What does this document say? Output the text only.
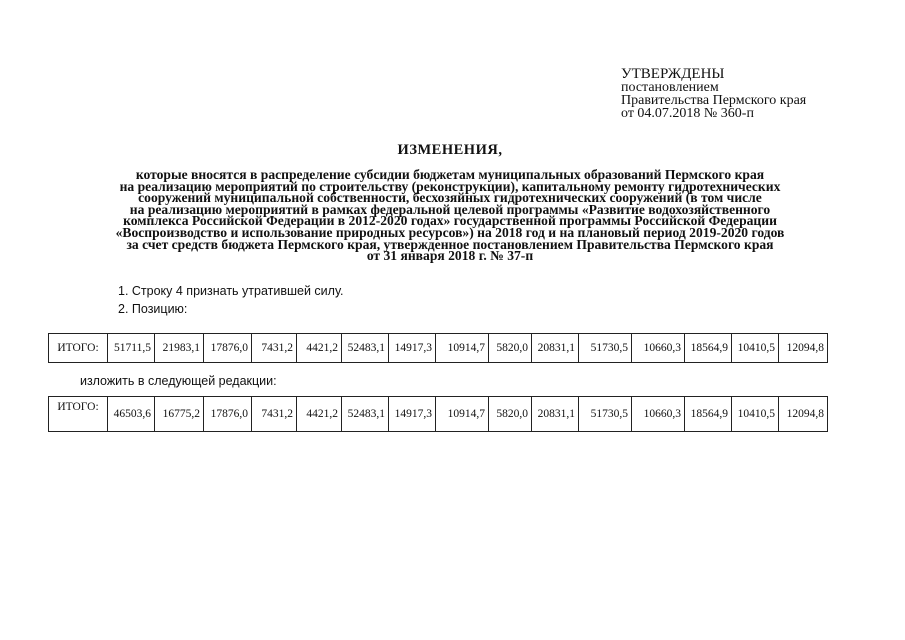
УТВЕРЖДЕНЫ
постановлением
Правительства Пермского края
от 04.07.2018 № 360-п
ИЗМЕНЕНИЯ,
которые вносятся в распределение субсидии бюджетам муниципальных образований Пермского края
на реализацию мероприятий по строительству (реконструкции), капитальному ремонту гидротехнических
сооружений муниципальной собственности, бесхозяйных гидротехнических сооружений (в том числе
на реализацию мероприятий в рамках федеральной целевой программы «Развитие водохозяйственного
комплекса Российской Федерации в 2012-2020 годах» государственной программы Российской Федерации
«Воспроизводство и использование природных ресурсов») на 2018 год и на плановый период 2019-2020 годов
за счет средств бюджета Пермского края, утвержденное постановлением Правительства Пермского края
от 31 января 2018 г. № 37-п
1. Строку 4 признать утратившей силу.
2. Позицию:
ИТОГО:	51711,5	21983,1	17876,0	7431,2	4421,2	52483,1	14917,3	10914,7	5820,0	20831,1	51730,5	10660,3	18564,9	10410,5	12094,8
изложить в следующей редакции:
ИТОГО:	46503,6	16775,2	17876,0	7431,2	4421,2	52483,1	14917,3	10914,7	5820,0	20831,1	51730,5	10660,3	18564,9	10410,5	12094,8
